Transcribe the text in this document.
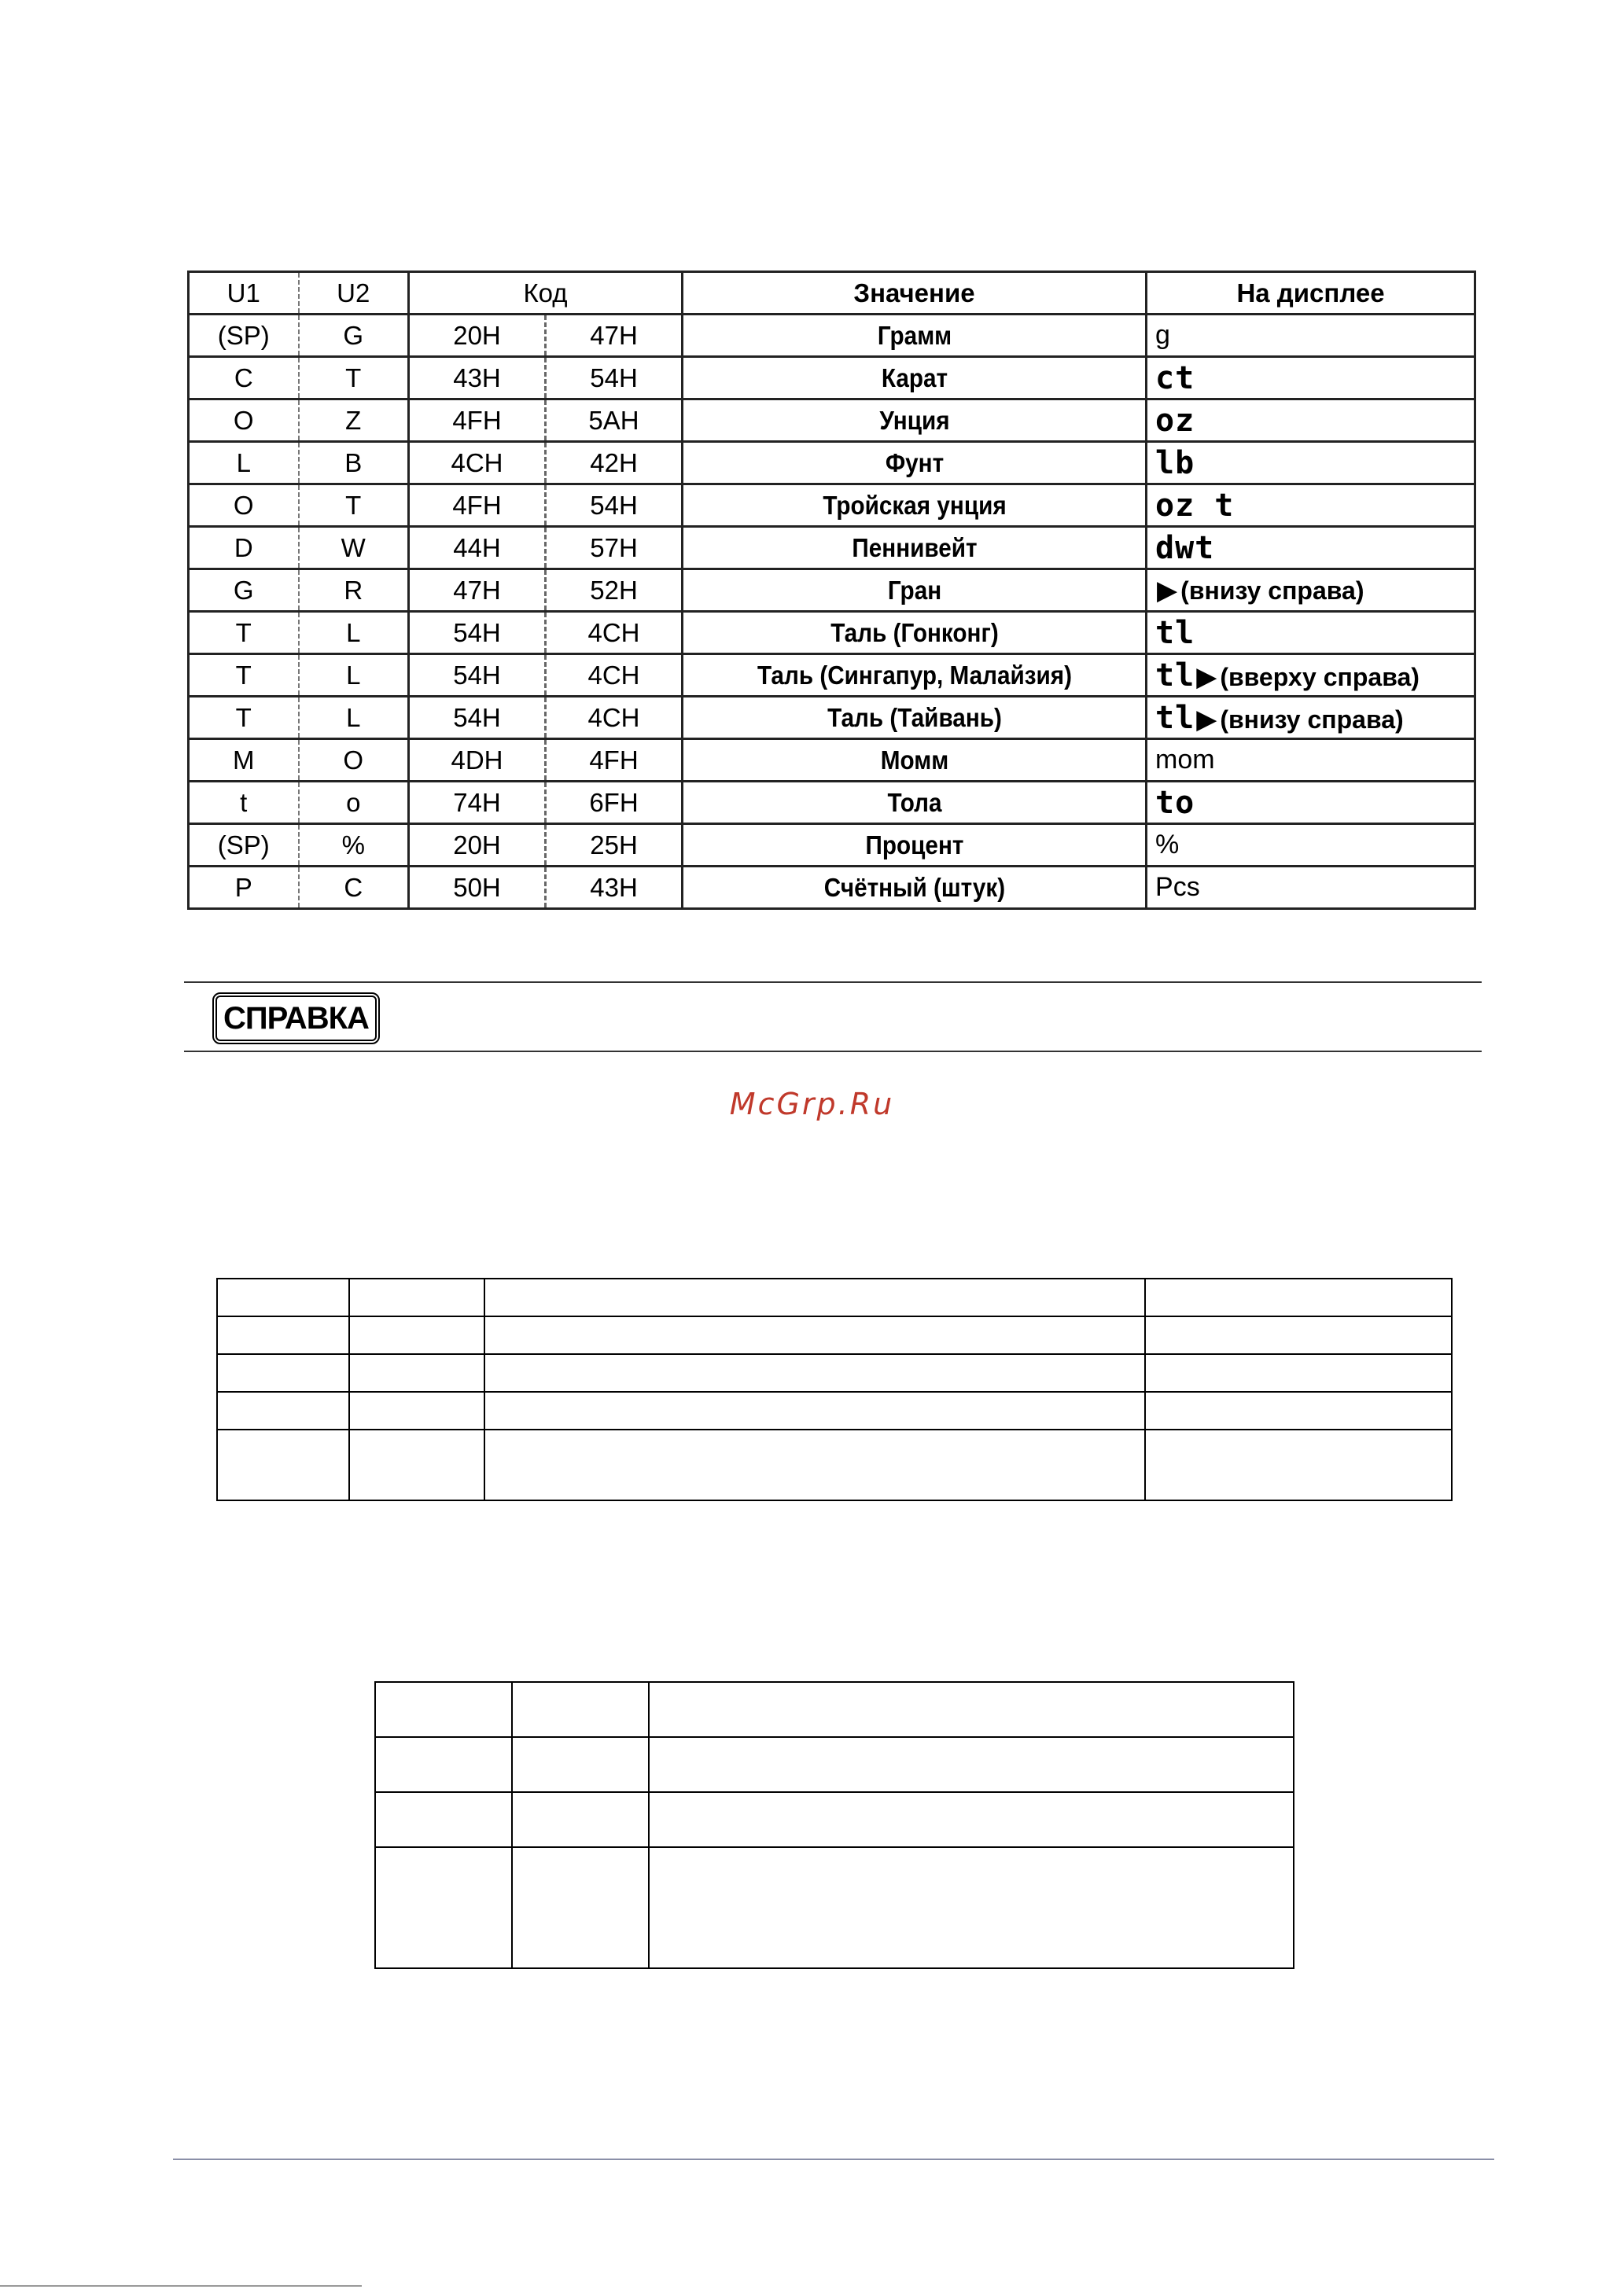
U1	U2	Код		Значение	На дисплее
(SP)	G	20H	47H	Грамм	g
C	T	43H	54H	Карат	ct
O	Z	4FH	5AH	Унция	oz
L	B	4CH	42H	Фунт	lb
O	T	4FH	54H	Тройская унция	oz t
D	W	44H	57H	Пеннивейт	dwt
G	R	47H	52H	Гран	▶ (внизу справа)
T	L	54H	4CH	Таль (Гонконг)	tl
T	L	54H	4CH	Таль (Сингапур, Малайзия)	tl▶ (вверху справа)
T	L	54H	4CH	Таль (Тайвань)	tl▶ (внизу справа)
M	O	4DH	4FH	Момм	mom
t	o	74H	6FH	Тола	to
(SP)	%	20H	25H	Процент	%
P	C	50H	43H	Счётный (штук)	Pcs
СПРАВКА
McGrp.Ru
